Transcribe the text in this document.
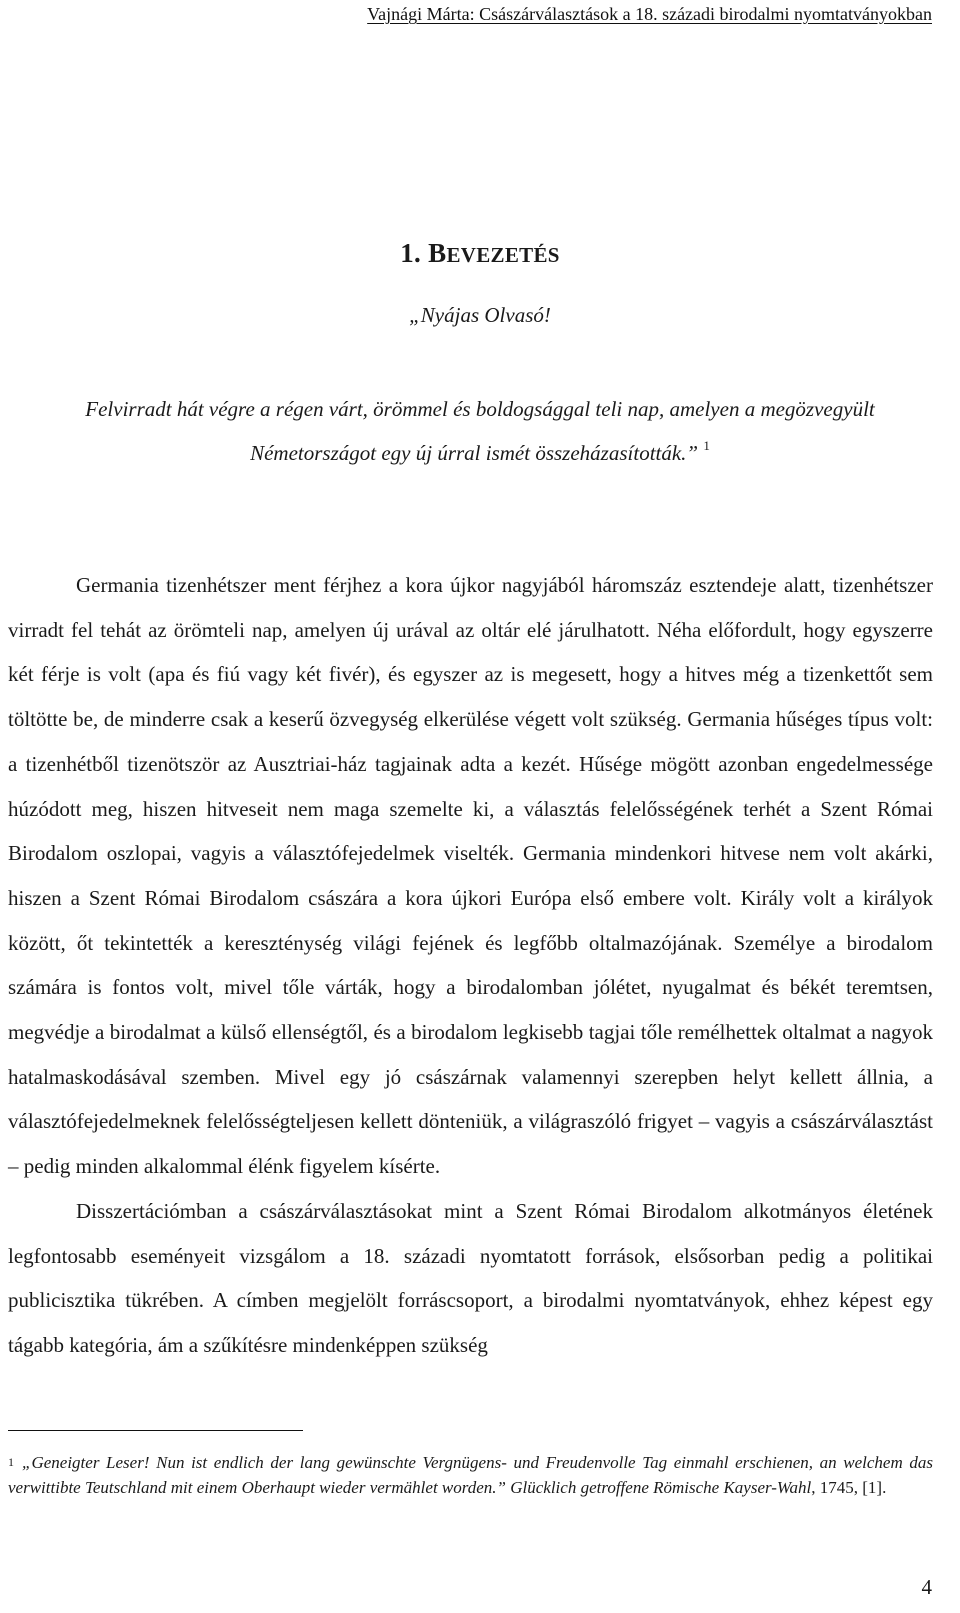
Vajnági Márta: Császárválasztások a 18. századi birodalmi nyomtatványokban
1. BEVEZETÉS
„Nyájas Olvasó!
Felvirradt hát végre a régen várt, örömmel és boldogsággal teli nap, amelyen a megözvegyült
Németországot egy új úrral ismét összeházasították.” $^1$

Germania tizenhétszer ment férjhez a kora újkor nagyjából háromszáz esztendeje alatt, tizenhétszer virradt fel tehát az örömteli nap, amelyen új urával az oltár elé járulhatott. Néha előfordult, hogy egyszerre két férje is volt (apa és fiú vagy két fivér), és egyszer az is megesett, hogy a hitves még a tizenkettőt sem töltötte be, de minderre csak a keserű özvegység elkerülése végett volt szükség. Germania hűséges típus volt: a tizenhétből tizenötször az Ausztriai-ház tagjainak adta a kezét. Hűsége mögött azonban engedelmessége húzódott meg, hiszen hitveseit nem maga szemelte ki, a választás felelősségének terhét a Szent Római Birodalom oszlopai, vagyis a választófejedelmek viselték. Germania mindenkori hitvese nem volt akárki, hiszen a Szent Római Birodalom császára a kora újkori Európa első embere volt. Király volt a királyok között, őt tekintették a kereszténység világi fejének és legfőbb oltalmazójának. Személye a birodalom számára is fontos volt, mivel tőle várták, hogy a birodalomban jólétet, nyugalmat és békét teremtsen, megvédje a birodalmat a külső ellenségtől, és a birodalom legkisebb tagjai tőle remélhettek oltalmat a nagyok hatalmaskodásával szemben. Mivel egy jó császárnak valamennyi szerepben helyt kellett állnia, a választófejedelmeknek felelősségteljesen kellett dönteniük, a világraszóló frigyet – vagyis a császárválasztást – pedig minden alkalommal élénk figyelem kísérte.

Disszertációmban a császárválasztásokat mint a Szent Római Birodalom alkotmányos életének legfontosabb eseményeit vizsgálom a 18. századi nyomtatott források, elsősorban pedig a politikai publicisztika tükrében. A címben megjelölt forráscsoport, a birodalmi nyomtatványok, ehhez képest egy tágabb kategória, ám a szűkítésre mindenképpen szükség

$^1$ „Geneigter Leser! Nun ist endlich der lang gewünschte Vergnügens- und Freudenvolle Tag einmahl erschienen, an welchem das verwittibte Teutschland mit einem Oberhaupt wieder vermählet worden.” Glücklich getroffene Römische Kayser-Wahl, 1745, [1].
4
